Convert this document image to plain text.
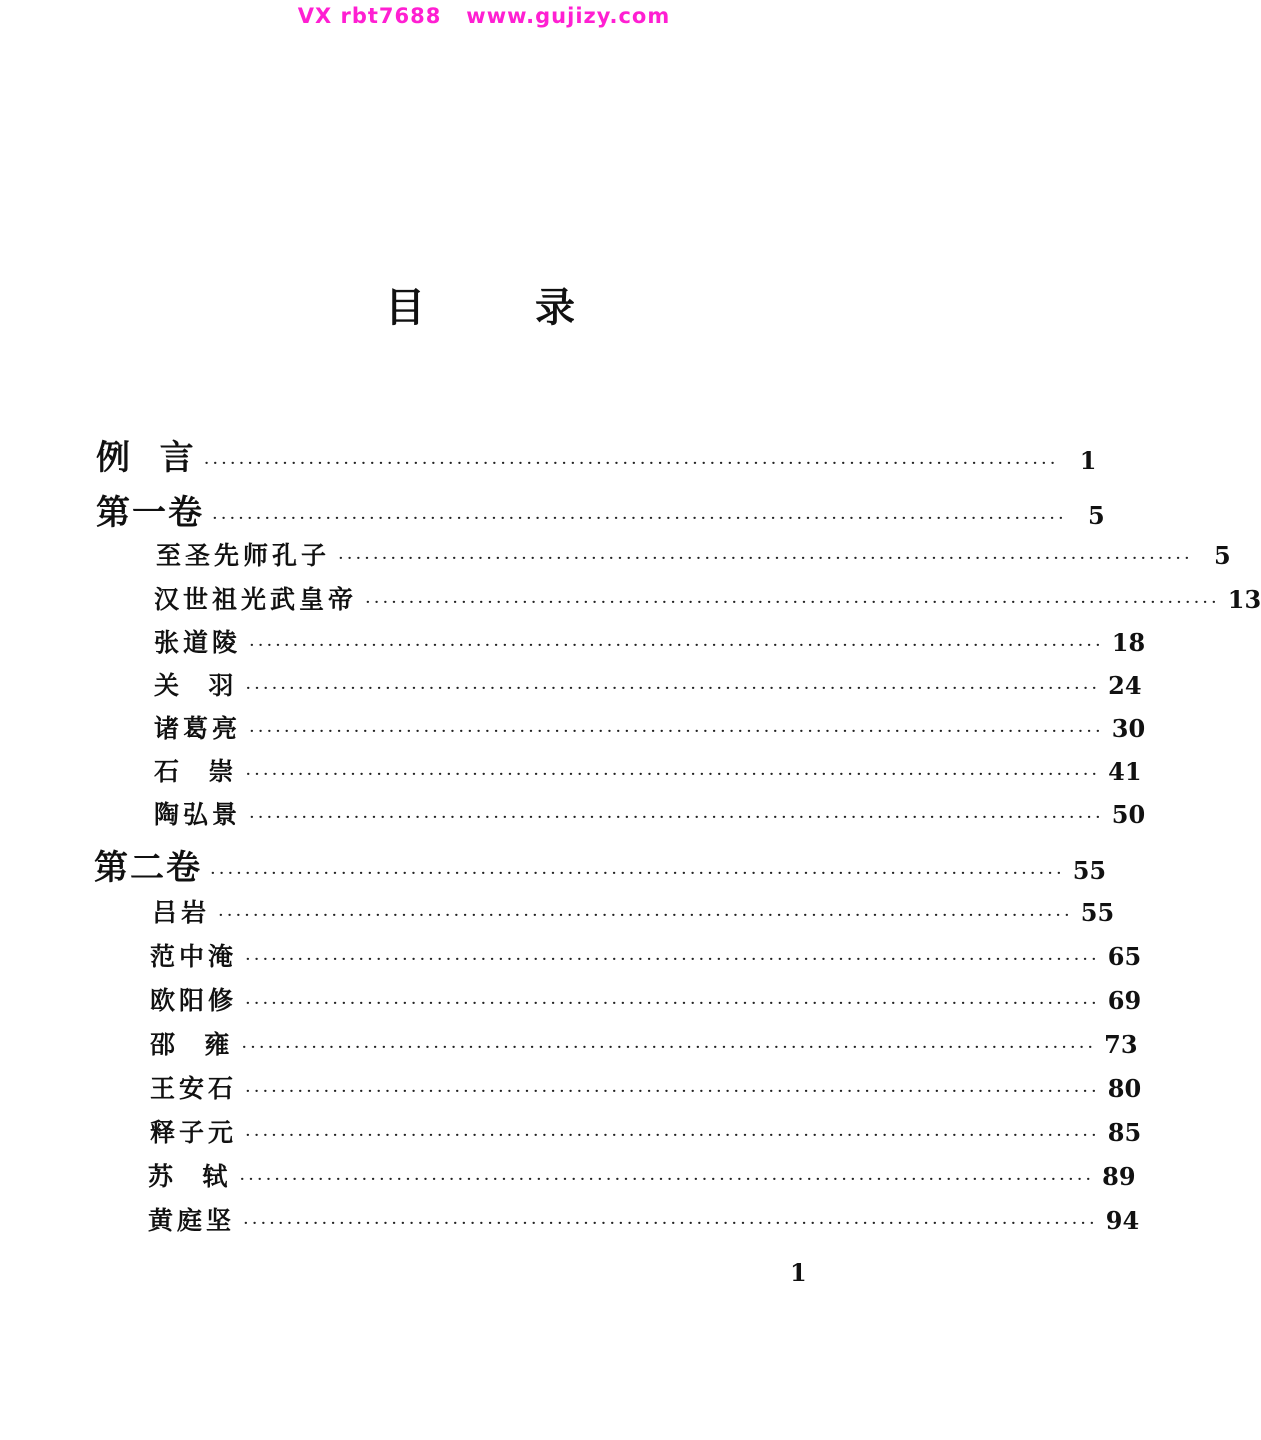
VX rbt7688   www.gujizy.com
目 录
例  言 ·································································································· 1
第一卷 ·································································································· 5
至圣先师孔子 ·································································································· 5
汉世祖光武皇帝 ·································································································· 13
张道陵 ·································································································· 18
关  羽 ·································································································· 24
诸葛亮 ·································································································· 30
石  崇 ·································································································· 41
陶弘景 ·································································································· 50
第二卷 ·································································································· 55
吕岩 ·································································································· 55
范中淹 ·································································································· 65
欧阳修 ·································································································· 69
邵  雍 ·································································································· 73
王安石 ·································································································· 80
释子元 ·································································································· 85
苏  轼 ·································································································· 89
黄庭坚 ·································································································· 94
1
